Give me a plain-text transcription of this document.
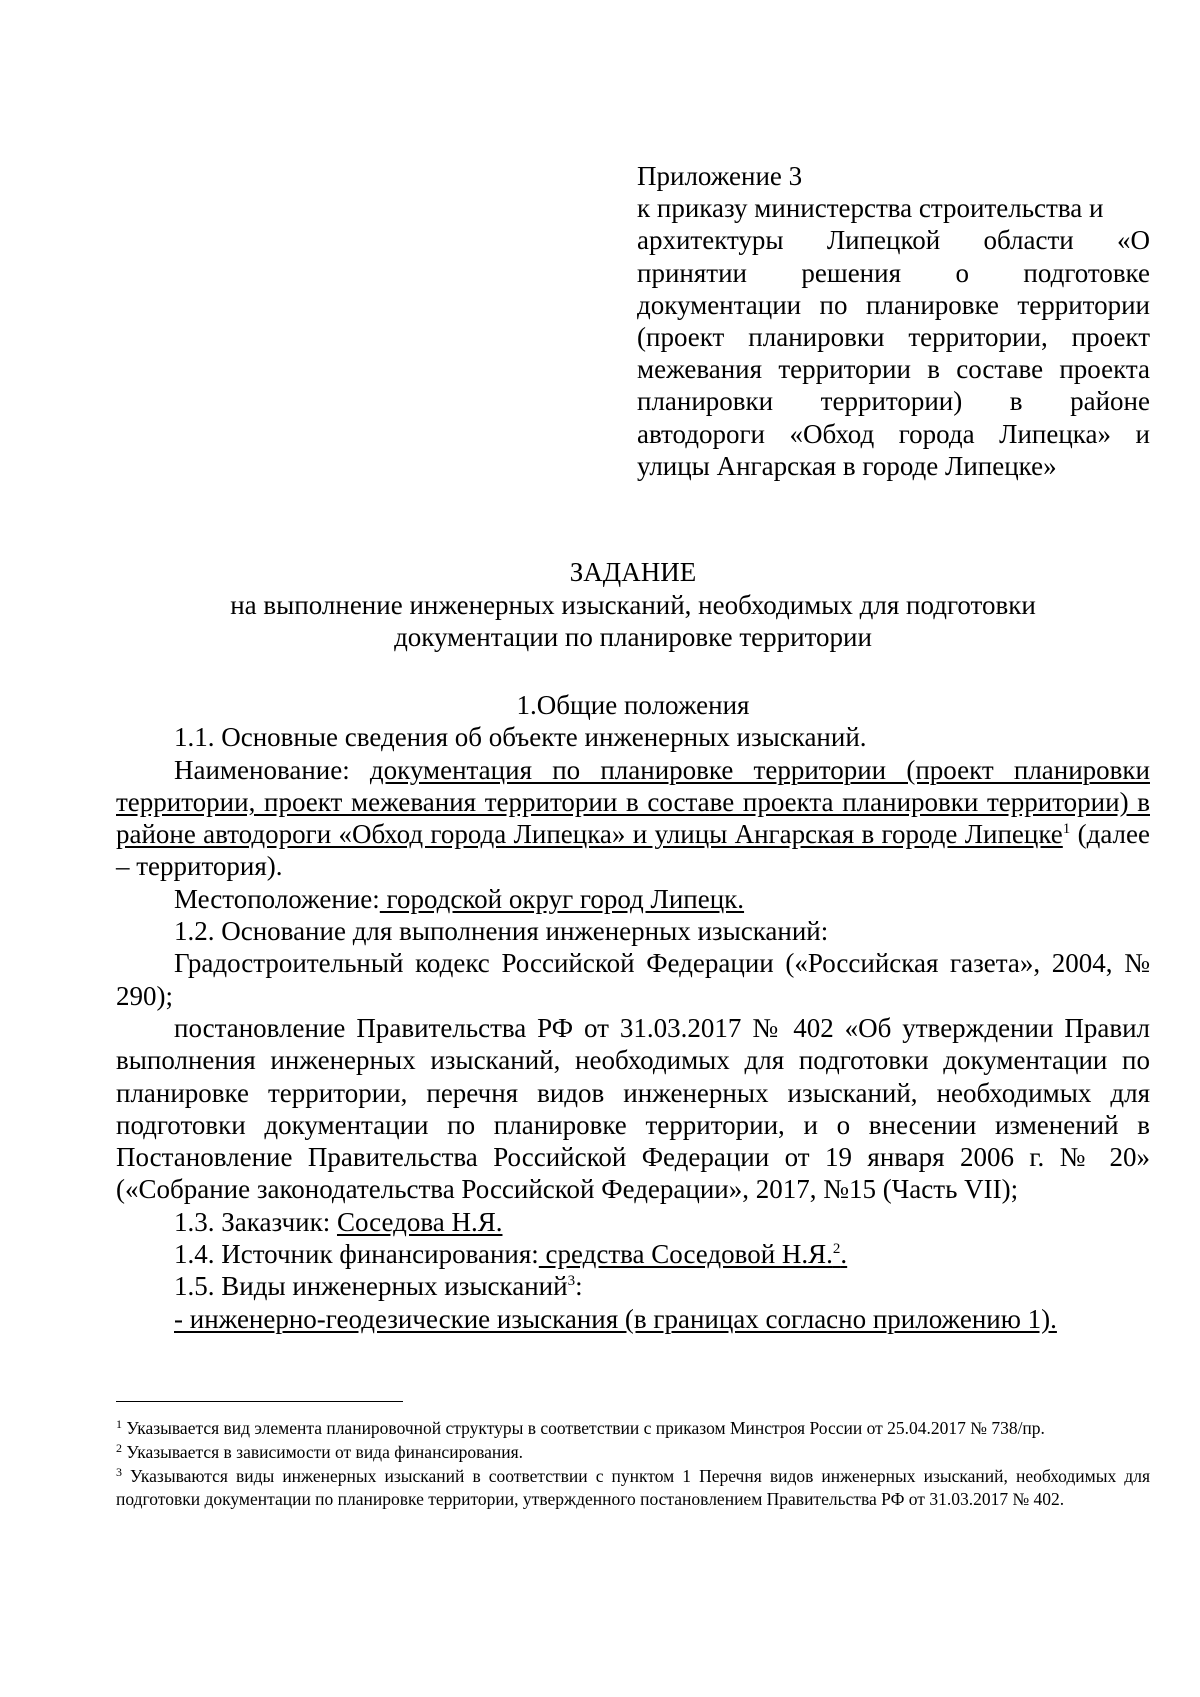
Приложение 3
к приказу министерства строительства и
архитектуры Липецкой области «О
принятии решения о подготовке
документации по планировке территории
(проект планировки территории, проект
межевания территории в составе проекта
планировки территории) в районе
автодороги «Обход города Липецка» и
улицы Ангарская в городе Липецке»
ЗАДАНИЕ
на выполнение инженерных изысканий, необходимых для подготовки
документации по планировке территории
1.Общие положения

1.1. Основные сведения об объекте инженерных изысканий.

Наименование: документация по планировке территории (проект планировки территории, проект межевания территории в составе проекта планировки территории) в районе автодороги «Обход города Липецка» и улицы Ангарская в городе Липецке$^1$ (далее – территория).

Местоположение: городской округ город Липецк.

1.2. Основание для выполнения инженерных изысканий:

Градостроительный кодекс Российской Федерации («Российская газета», 2004, № 290);

постановление Правительства РФ от 31.03.2017 № 402 «Об утверждении Правил выполнения инженерных изысканий, необходимых для подготовки документации по планировке территории, перечня видов инженерных изысканий, необходимых для подготовки документации по планировке территории, и о внесении изменений в Постановление Правительства Российской Федерации от 19 января 2006 г. № 20» («Собрание законодательства Российской Федерации», 2017, №15 (Часть VII);

1.3. Заказчик: Соседова Н.Я.

1.4. Источник финансирования: средства Соседовой Н.Я.$^2$.

1.5. Виды инженерных изысканий$^3$:

- инженерно-геодезические изыскания (в границах согласно приложению 1).

$^1$ Указывается вид элемента планировочной структуры в соответствии с приказом Минстроя России от 25.04.2017 № 738/пр.

$^2$ Указывается в зависимости от вида финансирования.

$^3$ Указываются виды инженерных изысканий в соответствии с пунктом 1 Перечня видов инженерных изысканий, необходимых для подготовки документации по планировке территории, утвержденного постановлением Правительства РФ от 31.03.2017 № 402.
